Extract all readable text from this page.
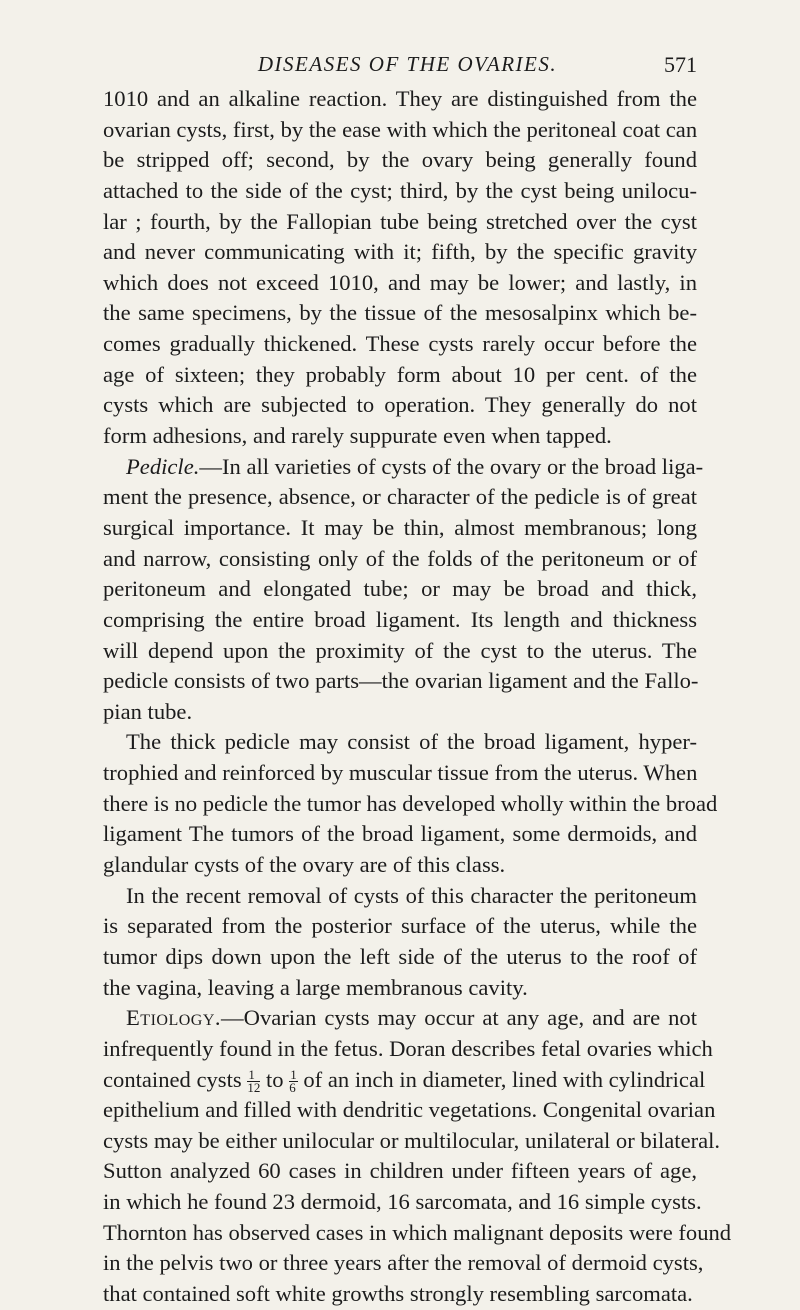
DISEASES OF THE OVARIES.	571
1010 and an alkaline reaction. They are distinguished from the
ovarian cysts, first, by the ease with which the peritoneal coat can
be stripped off; second, by the ovary being generally found
attached to the side of the cyst; third, by the cyst being unilocu-
lar ; fourth, by the Fallopian tube being stretched over the cyst
and never communicating with it; fifth, by the specific gravity
which does not exceed 1010, and may be lower; and lastly, in
the same specimens, by the tissue of the mesosalpinx which be-
comes gradually thickened. These cysts rarely occur before the
age of sixteen; they probably form about 10 per cent. of the
cysts which are subjected to operation. They generally do not
form adhesions, and rarely suppurate even when tapped.
Pedicle.—In all varieties of cysts of the ovary or the broad liga-
ment the presence, absence, or character of the pedicle is of great
surgical importance. It may be thin, almost membranous; long
and narrow, consisting only of the folds of the peritoneum or of
peritoneum and elongated tube; or may be broad and thick,
comprising the entire broad ligament. Its length and thickness
will depend upon the proximity of the cyst to the uterus. The
pedicle consists of two parts—the ovarian ligament and the Fallo-
pian tube.
The thick pedicle may consist of the broad ligament, hyper-
trophied and reinforced by muscular tissue from the uterus. When
there is no pedicle the tumor has developed wholly within the broad
ligament The tumors of the broad ligament, some dermoids, and
glandular cysts of the ovary are of this class.
In the recent removal of cysts of this character the peritoneum
is separated from the posterior surface of the uterus, while the
tumor dips down upon the left side of the uterus to the roof of
the vagina, leaving a large membranous cavity.
Etiology.—Ovarian cysts may occur at any age, and are not
infrequently found in the fetus. Doran describes fetal ovaries which
contained cysts $\frac{1}{12}$ to $\frac{1}{6}$ of an inch in diameter, lined with cylindrical
epithelium and filled with dendritic vegetations. Congenital ovarian
cysts may be either unilocular or multilocular, unilateral or bilateral.
Sutton analyzed 60 cases in children under fifteen years of age,
in which he found 23 dermoid, 16 sarcomata, and 16 simple cysts.
Thornton has observed cases in which malignant deposits were found
in the pelvis two or three years after the removal of dermoid cysts,
that contained soft white growths strongly resembling sarcomata.
